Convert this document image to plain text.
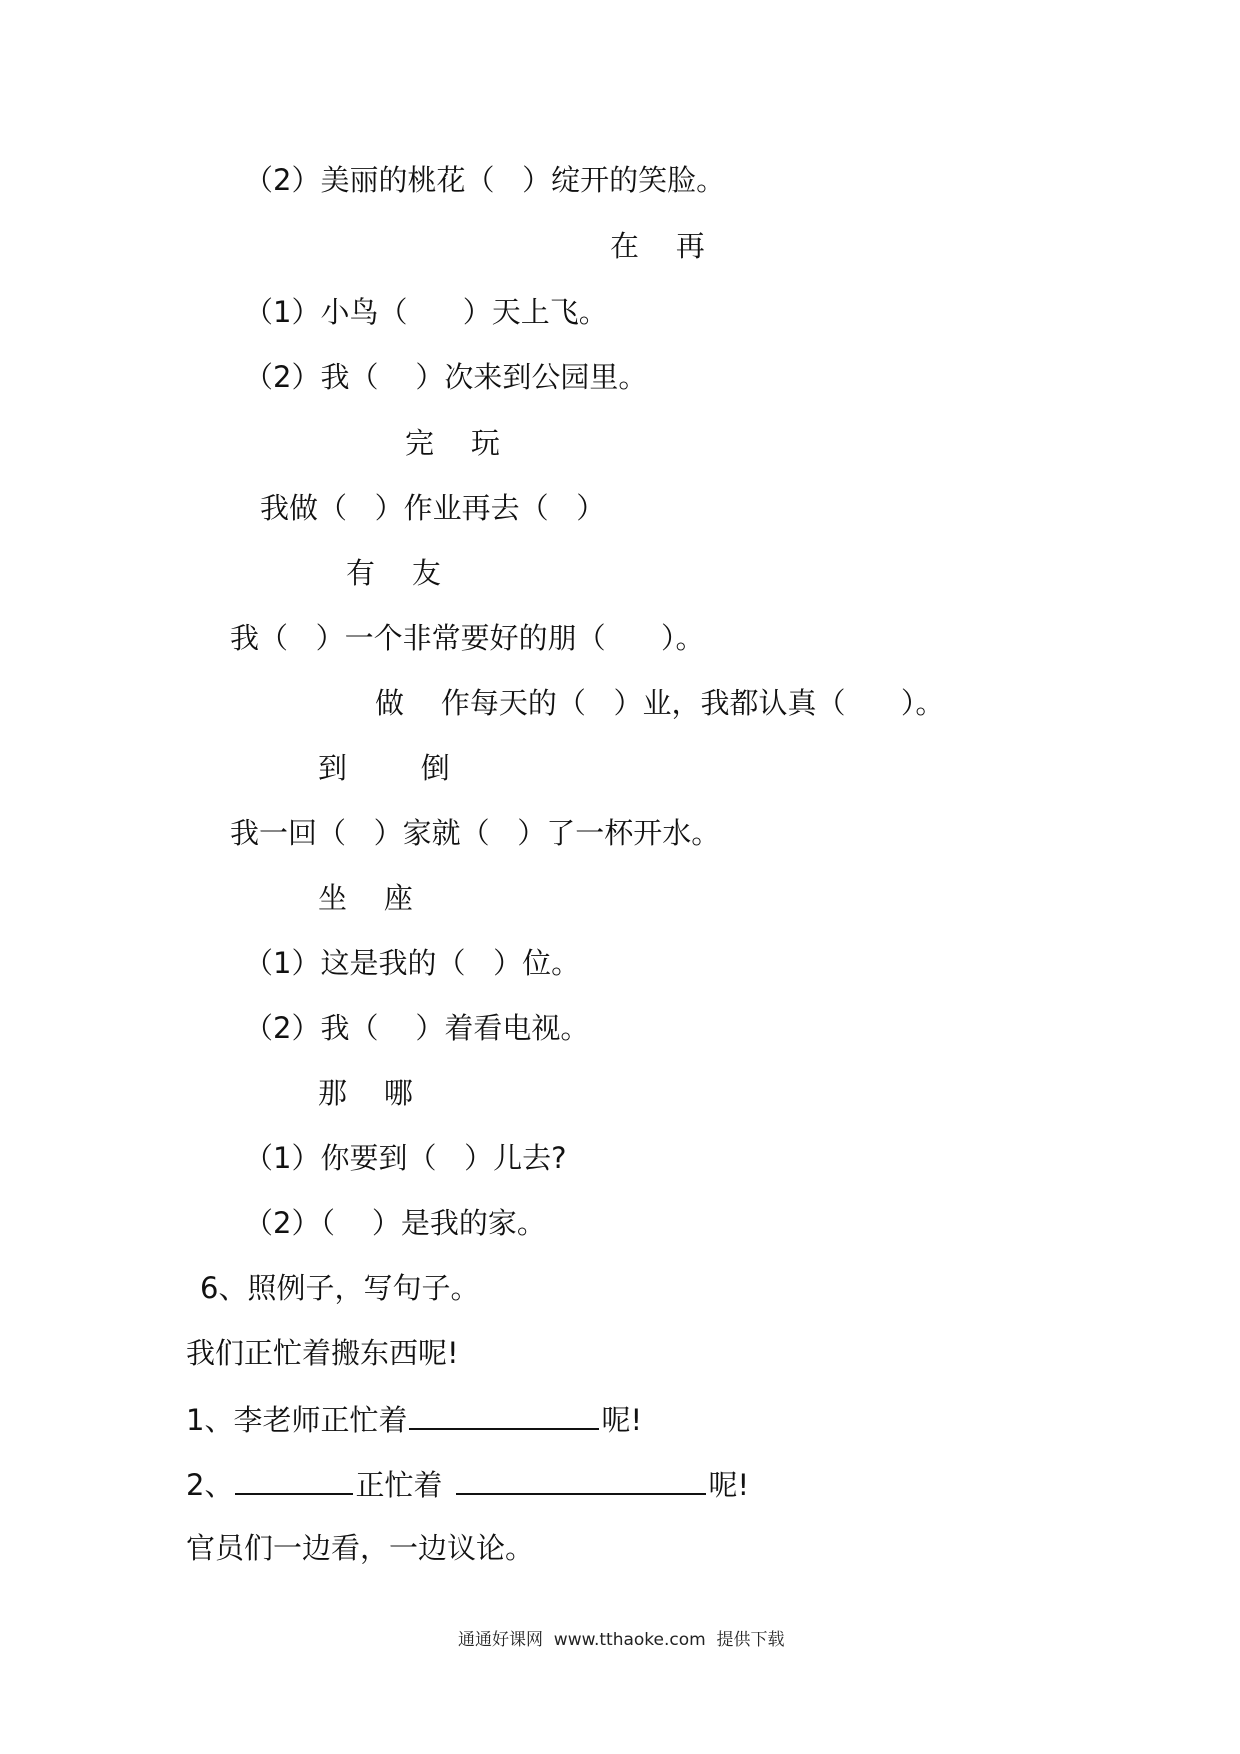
（2）美丽的桃花（   ）绽开的笑脸。

在    再

（1）小鸟（      ）天上飞。

（2）我（    ）次来到公园里。

完    玩

我做（   ）作业再去（   ）

有    友

我（   ）一个非常要好的朋（      ）。

做    作每天的（   ）业，我都认真（      ）。

到        倒

我一回（   ）家就（   ）了一杯开水。

坐    座

（1）这是我的（   ）位。

（2）我（    ）着看电视。

那    哪

（1）你要到（   ）儿去?

（2）（    ）是我的家。

6、照例子，写句子。

我们正忙着搬东西呢!

1、李老师正忙着	呢!

2、	正忙着	呢!

官员们一边看，一边议论。

通通好课网  www.tthaoke.com  提供下载
